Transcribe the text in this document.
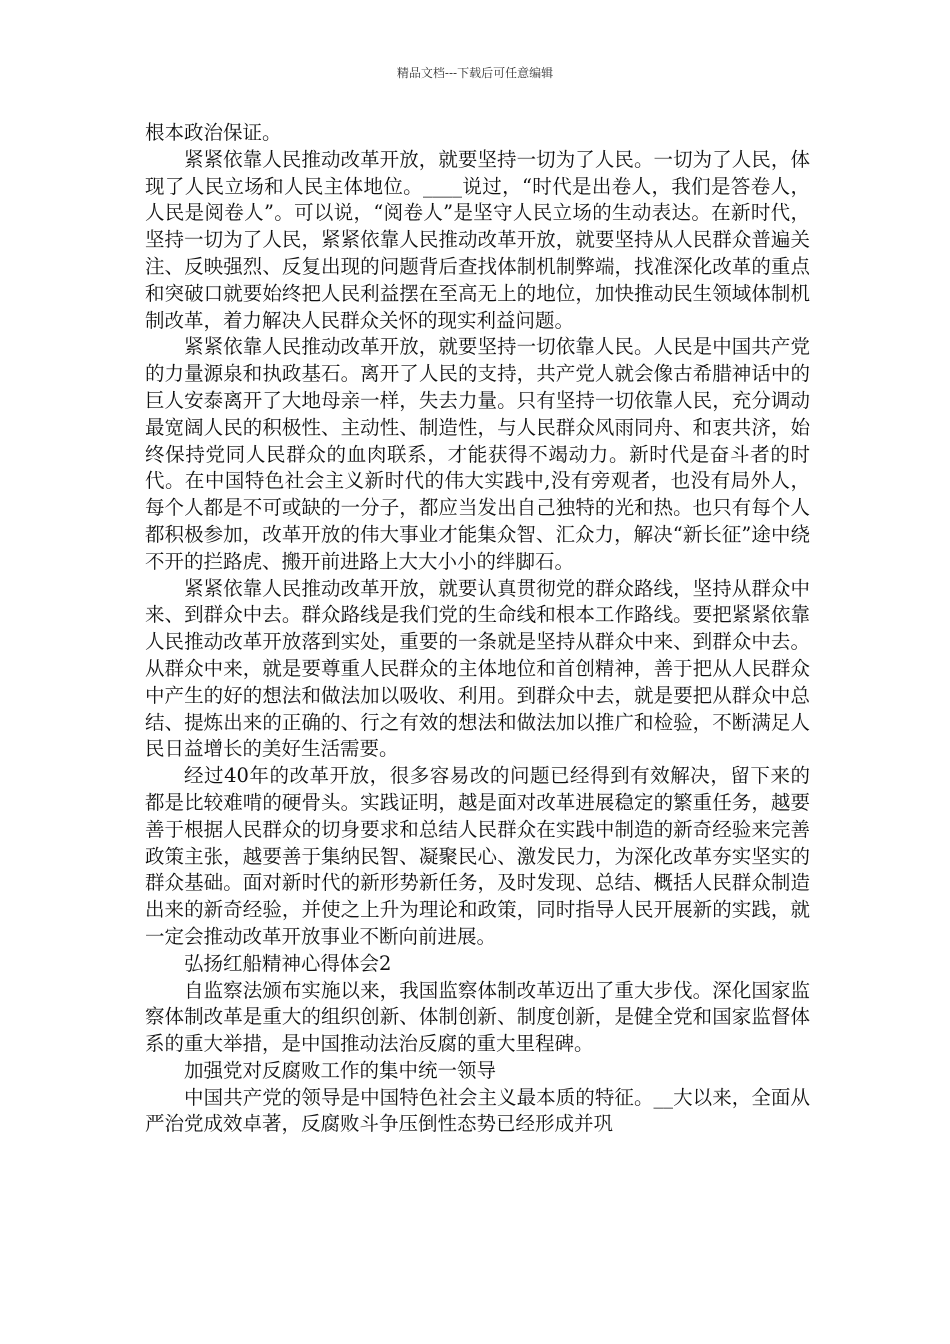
精品文档---下载后可任意编辑

根本政治保证。

紧紧依靠人民推动改革开放，就要坚持一切为了人民。一切为了人民，体现了人民立场和人民主体地位。____说过，“时代是出卷人，我们是答卷人，人民是阅卷人”。可以说，“阅卷人”是坚守人民立场的生动表达。在新时代，坚持一切为了人民，紧紧依靠人民推动改革开放，就要坚持从人民群众普遍关注、反映强烈、反复出现的问题背后查找体制机制弊端，找准深化改革的重点和突破口就要始终把人民利益摆在至高无上的地位，加快推动民生领域体制机制改革，着力解决人民群众关怀的现实利益问题。

紧紧依靠人民推动改革开放，就要坚持一切依靠人民。人民是中国共产党的力量源泉和执政基石。离开了人民的支持，共产党人就会像古希腊神话中的巨人安泰离开了大地母亲一样，失去力量。只有坚持一切依靠人民，充分调动最宽阔人民的积极性、主动性、制造性，与人民群众风雨同舟、和衷共济，始终保持党同人民群众的血肉联系，才能获得不竭动力。新时代是奋斗者的时代。在中国特色社会主义新时代的伟大实践中,没有旁观者，也没有局外人，每个人都是不可或缺的一分子，都应当发出自己独特的光和热。也只有每个人都积极参加，改革开放的伟大事业才能集众智、汇众力，解决“新长征”途中绕不开的拦路虎、搬开前进路上大大小小的绊脚石。

紧紧依靠人民推动改革开放，就要认真贯彻党的群众路线，坚持从群众中来、到群众中去。群众路线是我们党的生命线和根本工作路线。要把紧紧依靠人民推动改革开放落到实处，重要的一条就是坚持从群众中来、到群众中去。从群众中来，就是要尊重人民群众的主体地位和首创精神，善于把从人民群众中产生的好的想法和做法加以吸收、利用。到群众中去，就是要把从群众中总结、提炼出来的正确的、行之有效的想法和做法加以推广和检验，不断满足人民日益增长的美好生活需要。

经过40年的改革开放，很多容易改的问题已经得到有效解决，留下来的都是比较难啃的硬骨头。实践证明，越是面对改革进展稳定的繁重任务，越要善于根据人民群众的切身要求和总结人民群众在实践中制造的新奇经验来完善政策主张，越要善于集纳民智、凝聚民心、激发民力，为深化改革夯实坚实的群众基础。面对新时代的新形势新任务，及时发现、总结、概括人民群众制造出来的新奇经验，并使之上升为理论和政策，同时指导人民开展新的实践，就一定会推动改革开放事业不断向前进展。

弘扬红船精神心得体会2

自监察法颁布实施以来，我国监察体制改革迈出了重大步伐。深化国家监察体制改革是重大的组织创新、体制创新、制度创新，是健全党和国家监督体系的重大举措，是中国推动法治反腐的重大里程碑。

加强党对反腐败工作的集中统一领导

中国共产党的领导是中国特色社会主义最本质的特征。__大以来，全面从严治党成效卓著，反腐败斗争压倒性态势已经形成并巩
